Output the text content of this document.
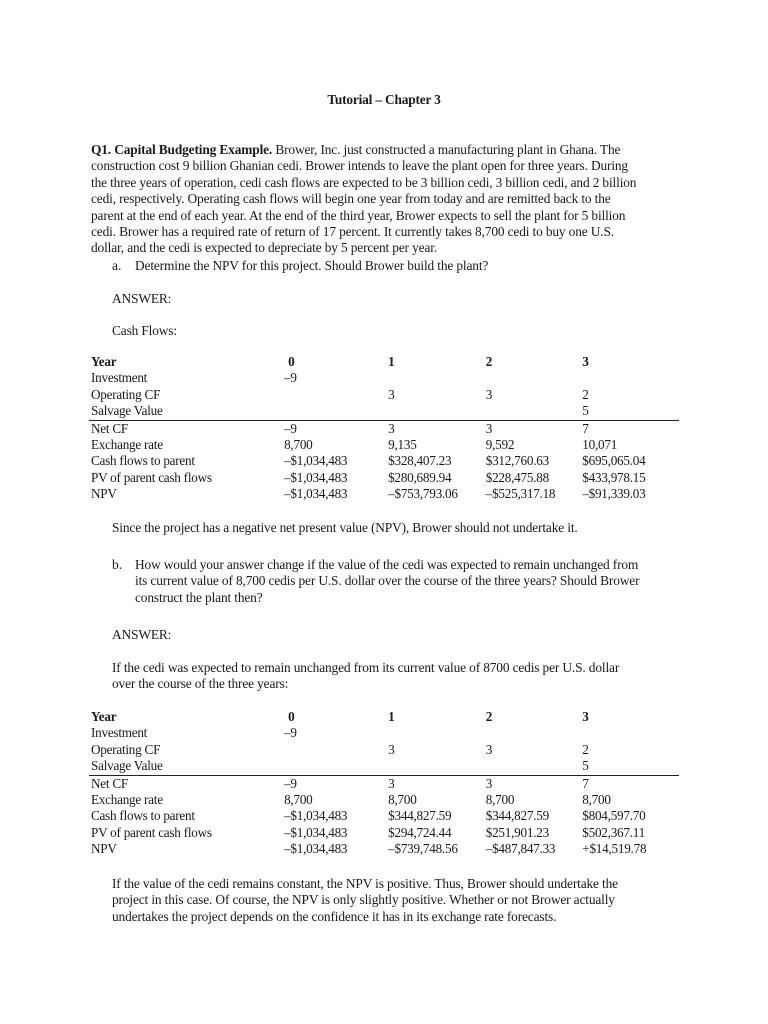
Tutorial – Chapter 3
Q1. Capital Budgeting Example. Brower, Inc. just constructed a manufacturing plant in Ghana. The
construction cost 9 billion Ghanian cedi. Brower intends to leave the plant open for three years. During
the three years of operation, cedi cash flows are expected to be 3 billion cedi, 3 billion cedi, and 2 billion
cedi, respectively. Operating cash flows will begin one year from today and are remitted back to the
parent at the end of each year. At the end of the third year, Brower expects to sell the plant for 5 billion
cedi. Brower has a required rate of return of 17 percent. It currently takes 8,700 cedi to buy one U.S.
dollar, and the cedi is expected to depreciate by 5 percent per year.
a. Determine the NPV for this project. Should Brower build the plant?
ANSWER:
Cash Flows:
Year	0	1	2	3
Investment	–9			
Operating CF		3	3	2
Salvage Value				5
Net CF	–9	3	3	7
Exchange rate	8,700	9,135	9,592	10,071
Cash flows to parent	–$1,034,483	$328,407.23	$312,760.63	$695,065.04
PV of parent cash flows	–$1,034,483	$280,689.94	$228,475.88	$433,978.15
NPV	–$1,034,483	–$753,793.06	–$525,317.18	–$91,339.03
Since the project has a negative net present value (NPV), Brower should not undertake it.
b. How would your answer change if the value of the cedi was expected to remain unchanged from
its current value of 8,700 cedis per U.S. dollar over the course of the three years? Should Brower
construct the plant then?
ANSWER:
If the cedi was expected to remain unchanged from its current value of 8700 cedis per U.S. dollar
over the course of the three years:
Year	0	1	2	3
Investment	–9			
Operating CF		3	3	2
Salvage Value				5
Net CF	–9	3	3	7
Exchange rate	8,700	8,700	8,700	8,700
Cash flows to parent	–$1,034,483	$344,827.59	$344,827.59	$804,597.70
PV of parent cash flows	–$1,034,483	$294,724.44	$251,901.23	$502,367.11
NPV	–$1,034,483	–$739,748.56	–$487,847.33	+$14,519.78
If the value of the cedi remains constant, the NPV is positive. Thus, Brower should undertake the
project in this case. Of course, the NPV is only slightly positive. Whether or not Brower actually
undertakes the project depends on the confidence it has in its exchange rate forecasts.
